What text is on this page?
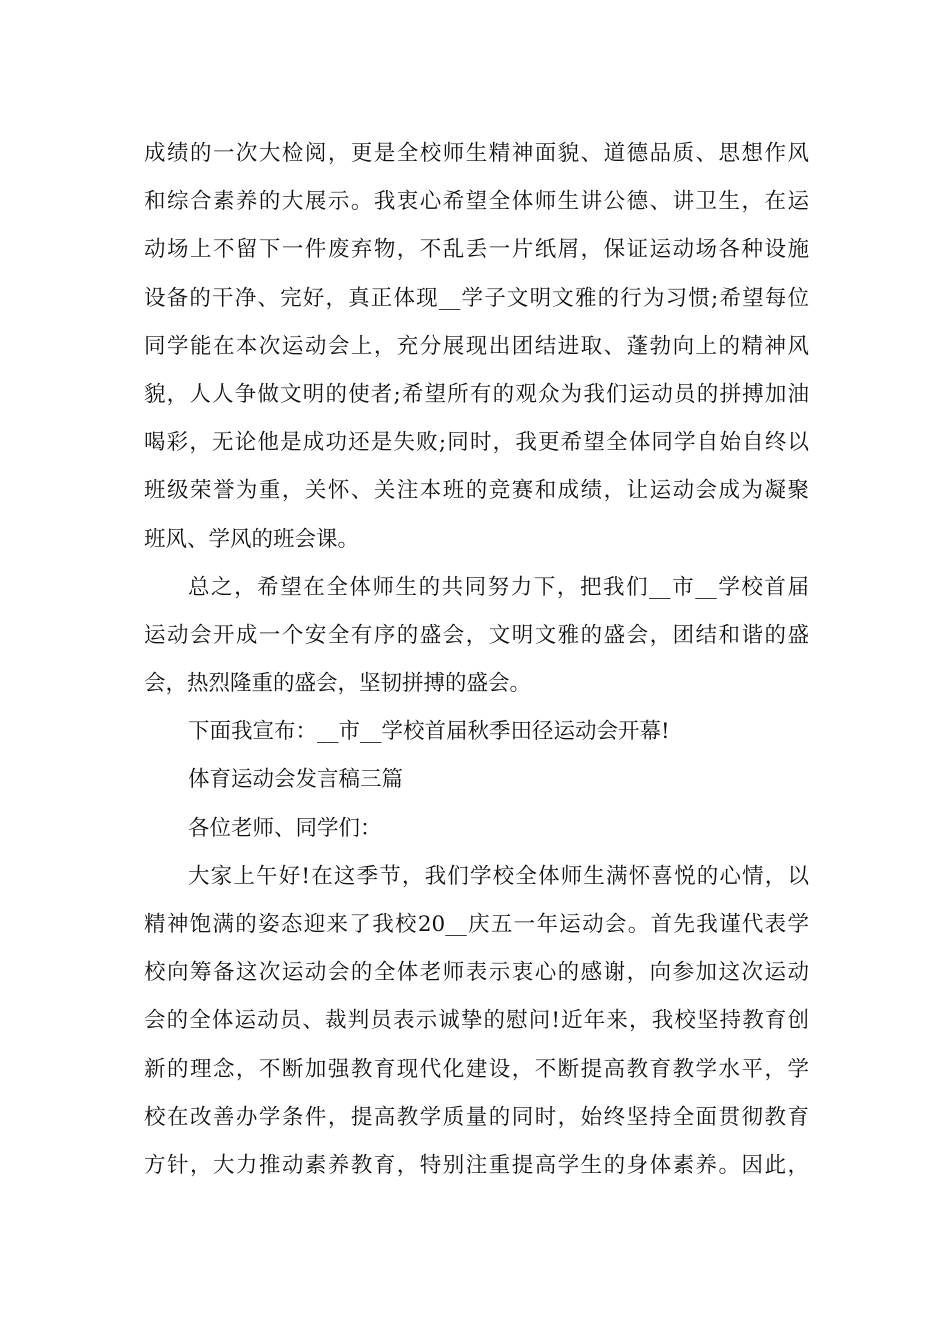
成绩的一次大检阅，更是全校师生精神面貌、道德品质、思想作风
和综合素养的大展示。我衷心希望全体师生讲公德、讲卫生，在运
动场上不留下一件废弃物，不乱丢一片纸屑，保证运动场各种设施
设备的干净、完好，真正体现__学子文明文雅的行为习惯;希望每位
同学能在本次运动会上，充分展现出团结进取、蓬勃向上的精神风
貌，人人争做文明的使者;希望所有的观众为我们运动员的拼搏加油
喝彩，无论他是成功还是失败;同时，我更希望全体同学自始自终以
班级荣誉为重，关怀、关注本班的竞赛和成绩，让运动会成为凝聚
班风、学风的班会课。
总之，希望在全体师生的共同努力下，把我们__市__学校首届
运动会开成一个安全有序的盛会，文明文雅的盛会，团结和谐的盛
会，热烈隆重的盛会，坚韧拼搏的盛会。
下面我宣布：__市__学校首届秋季田径运动会开幕!
体育运动会发言稿三篇
各位老师、同学们：
大家上午好!在这季节，我们学校全体师生满怀喜悦的心情，以
精神饱满的姿态迎来了我校20__庆五一年运动会。首先我谨代表学
校向筹备这次运动会的全体老师表示衷心的感谢，向参加这次运动
会的全体运动员、裁判员表示诚挚的慰问!近年来，我校坚持教育创
新的理念，不断加强教育现代化建设，不断提高教育教学水平，学
校在改善办学条件，提高教学质量的同时，始终坚持全面贯彻教育
方针，大力推动素养教育，特别注重提高学生的身体素养。因此，
